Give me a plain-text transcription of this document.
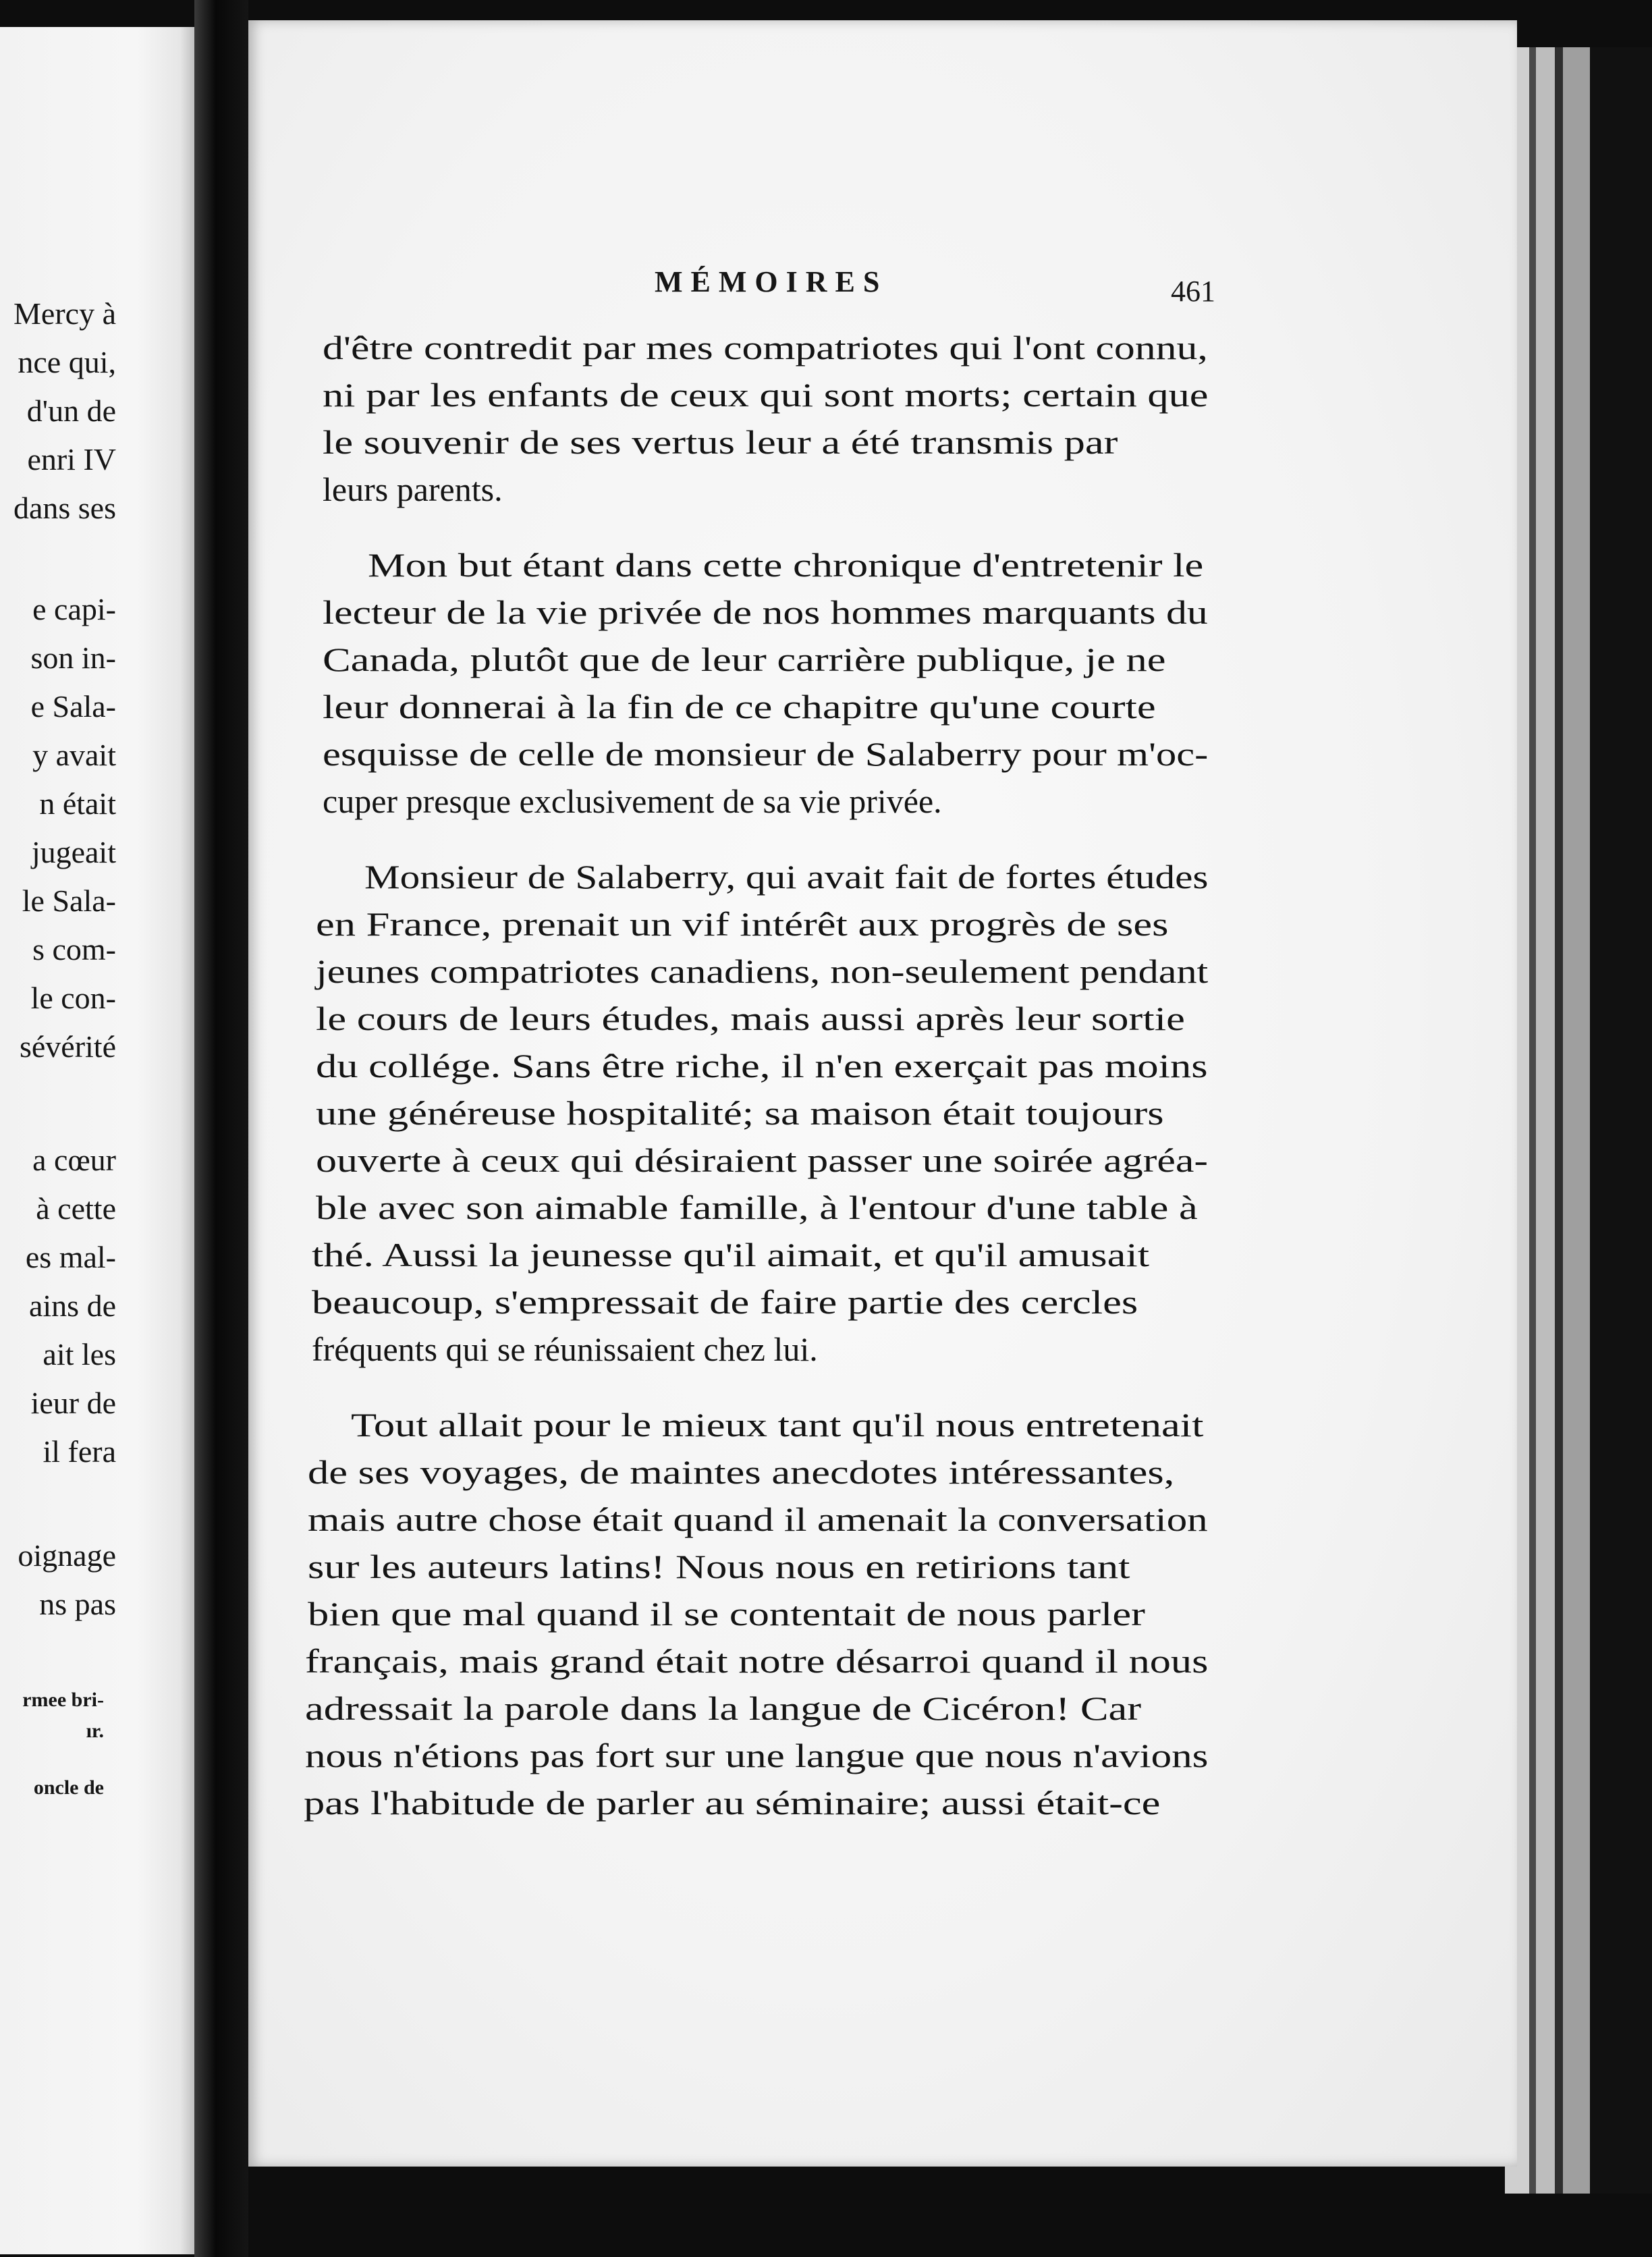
Mercy à
nce qui,
d'un de
enri IV
dans ses
e capi-
son in-
e Sala-
y avait
n était
jugeait
le Sala-
s com-
le con-
sévérité
a cœur
à cette
es mal-
ains de
ait les
ieur de
il fera
oignage
ns pas
rmee bri-
ır.
oncle de
MÉMOIRES	461
d'être contredit par mes compatriotes qui l'ont connu,
ni par les enfants de ceux qui sont morts; certain que
le souvenir de ses vertus leur a été transmis par
leurs parents.
Mon but étant dans cette chronique d'entretenir le
lecteur de la vie privée de nos hommes marquants du
Canada, plutôt que de leur carrière publique, je ne
leur donnerai à la fin de ce chapitre qu'une courte
esquisse de celle de monsieur de Salaberry pour m'oc-
cuper presque exclusivement de sa vie privée.
Monsieur de Salaberry, qui avait fait de fortes études
en France, prenait un vif intérêt aux progrès de ses
jeunes compatriotes canadiens, non-seulement pendant
le cours de leurs études, mais aussi après leur sortie
du collége. Sans être riche, il n'en exerçait pas moins
une généreuse hospitalité; sa maison était toujours
ouverte à ceux qui désiraient passer une soirée agréa-
ble avec son aimable famille, à l'entour d'une table à
thé. Aussi la jeunesse qu'il aimait, et qu'il amusait
beaucoup, s'empressait de faire partie des cercles
fréquents qui se réunissaient chez lui.
Tout allait pour le mieux tant qu'il nous entretenait
de ses voyages, de maintes anecdotes intéressantes,
mais autre chose était quand il amenait la conversation
sur les auteurs latins! Nous nous en retirions tant
bien que mal quand il se contentait de nous parler
français, mais grand était notre désarroi quand il nous
adressait la parole dans la langue de Cicéron! Car
nous n'étions pas fort sur une langue que nous n'avions
pas l'habitude de parler au séminaire; aussi était-ce
